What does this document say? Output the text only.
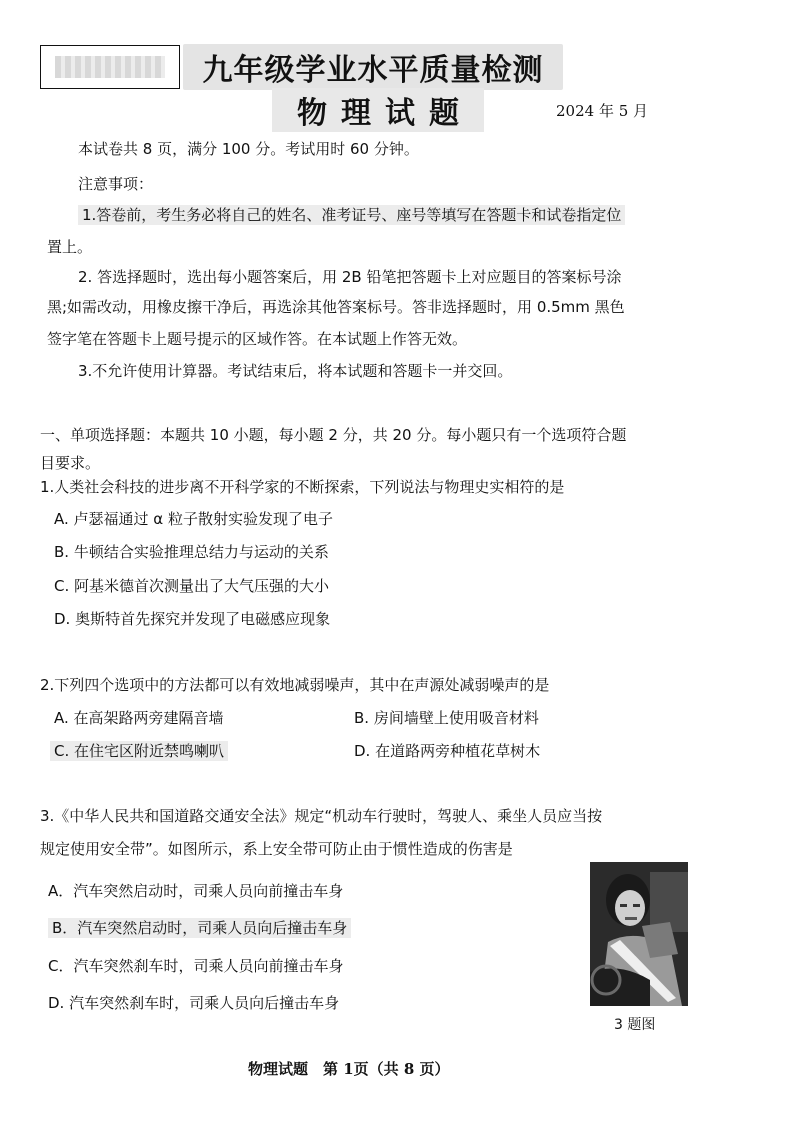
九年级学业水平质量检测
物理试题	2024 年 5 月
本试卷共 8 页，满分 100 分。考试用时 60 分钟。
注意事项：
1.答卷前，考生务必将自己的姓名、准考证号、座号等填写在答题卡和试卷指定位
置上。
2. 答选择题时，选出每小题答案后，用 2B 铅笔把答题卡上对应题目的答案标号涂
黑;如需改动，用橡皮擦干净后，再选涂其他答案标号。答非选择题时，用 0.5mm 黑色
签字笔在答题卡上题号提示的区域作答。在本试题上作答无效。
3.不允许使用计算器。考试结束后，将本试题和答题卡一并交回。
一、单项选择题：本题共 10 小题，每小题 2 分，共 20 分。每小题只有一个选项符合题
目要求。
1.人类社会科技的进步离不开科学家的不断探索，下列说法与物理史实相符的是
A. 卢瑟福通过 α 粒子散射实验发现了电子
B. 牛顿结合实验推理总结力与运动的关系
C. 阿基米德首次测量出了大气压强的大小
D. 奥斯特首先探究并发现了电磁感应现象
2.下列四个选项中的方法都可以有效地减弱噪声，其中在声源处减弱噪声的是
A. 在高架路两旁建隔音墙	B. 房间墙壁上使用吸音材料
C. 在住宅区附近禁鸣喇叭	D. 在道路两旁种植花草树木
3.《中华人民共和国道路交通安全法》规定“机动车行驶时，驾驶人、乘坐人员应当按
规定使用安全带”。如图所示，系上安全带可防止由于惯性造成的伤害是
A．汽车突然启动时，司乘人员向前撞击车身
B．汽车突然启动时，司乘人员向后撞击车身
C．汽车突然刹车时，司乘人员向前撞击车身
D. 汽车突然刹车时，司乘人员向后撞击车身
3 题图
物理试题　第 1页（共 8 页）
